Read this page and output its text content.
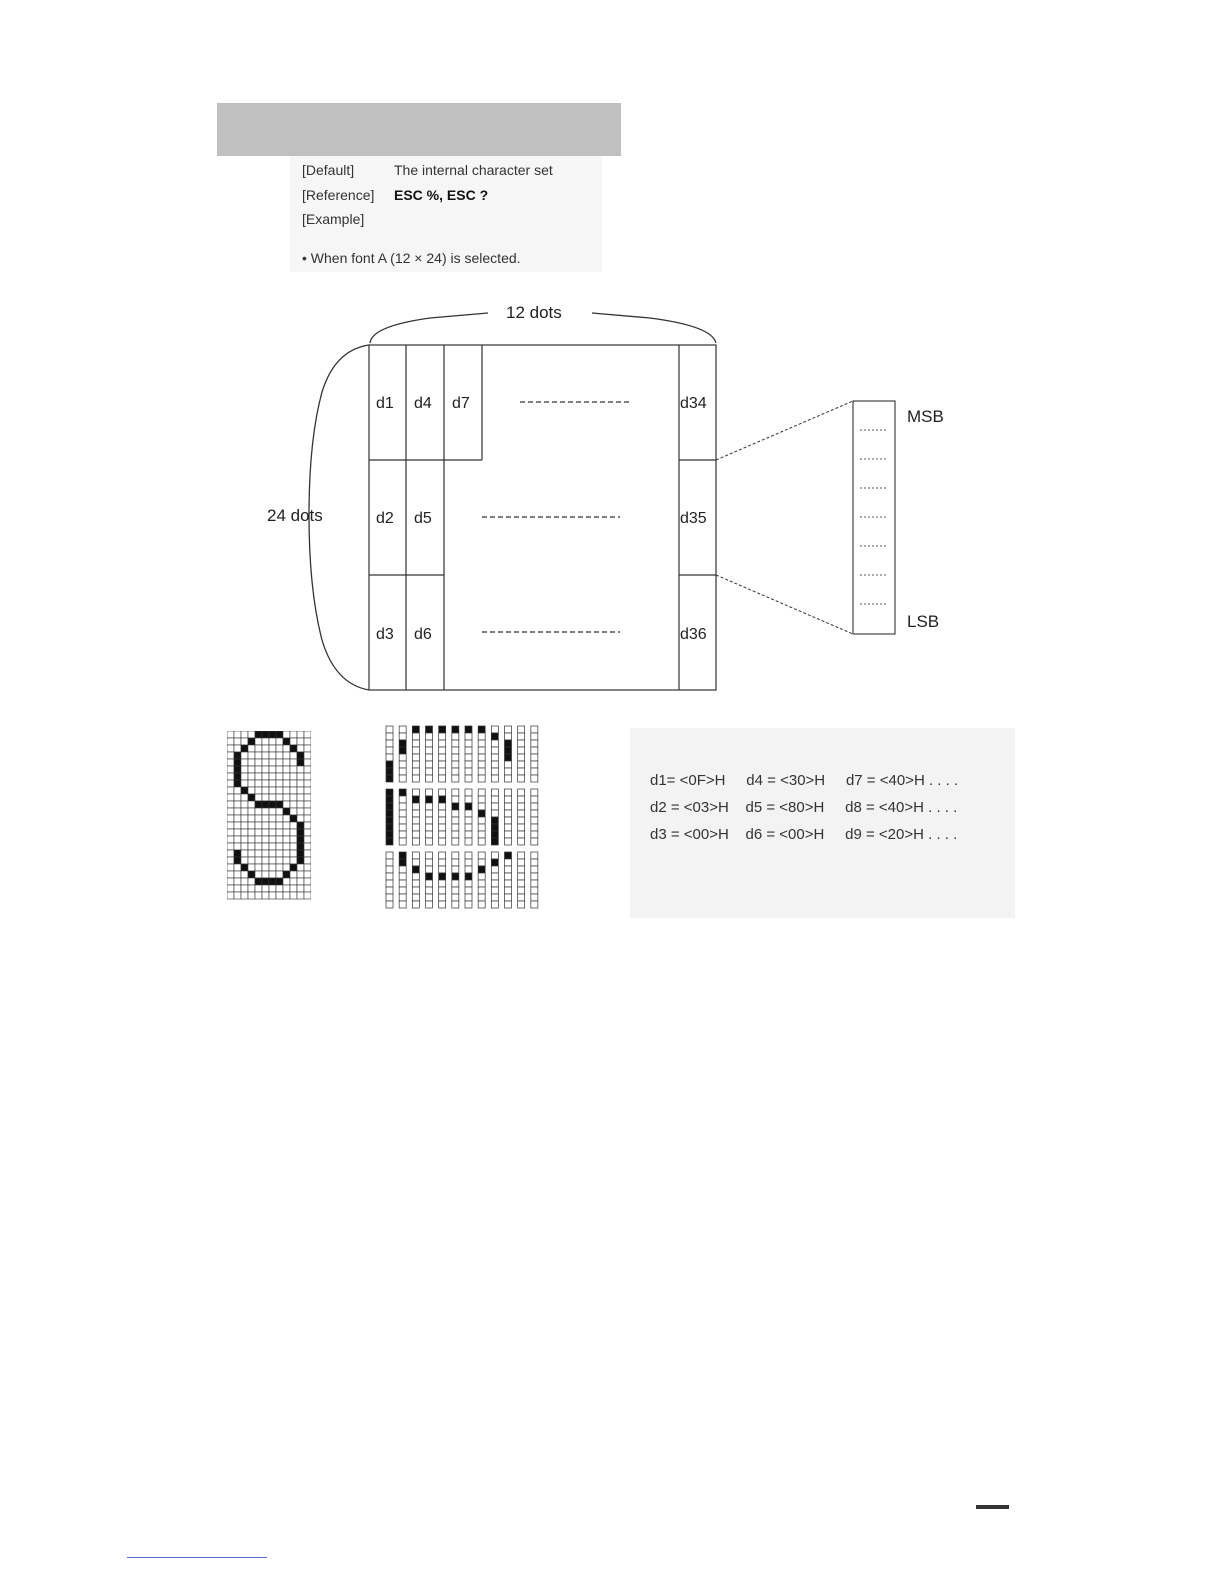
[Default]	The internal character set
[Reference] ESC %, ESC ?
[Example]
• When font A (12 × 24) is selected.
d1 d4 d7	d34
d2 d5	d35
d3 d6	d36
12 dots
24 dots
MSB
LSB
d1= <0F>H     d4 = <30>H     d7 = <40>H . . . .
d2 = <03>H    d5 = <80>H     d8 = <40>H . . . .
d3 = <00>H    d6 = <00>H     d9 = <20>H . . . .
